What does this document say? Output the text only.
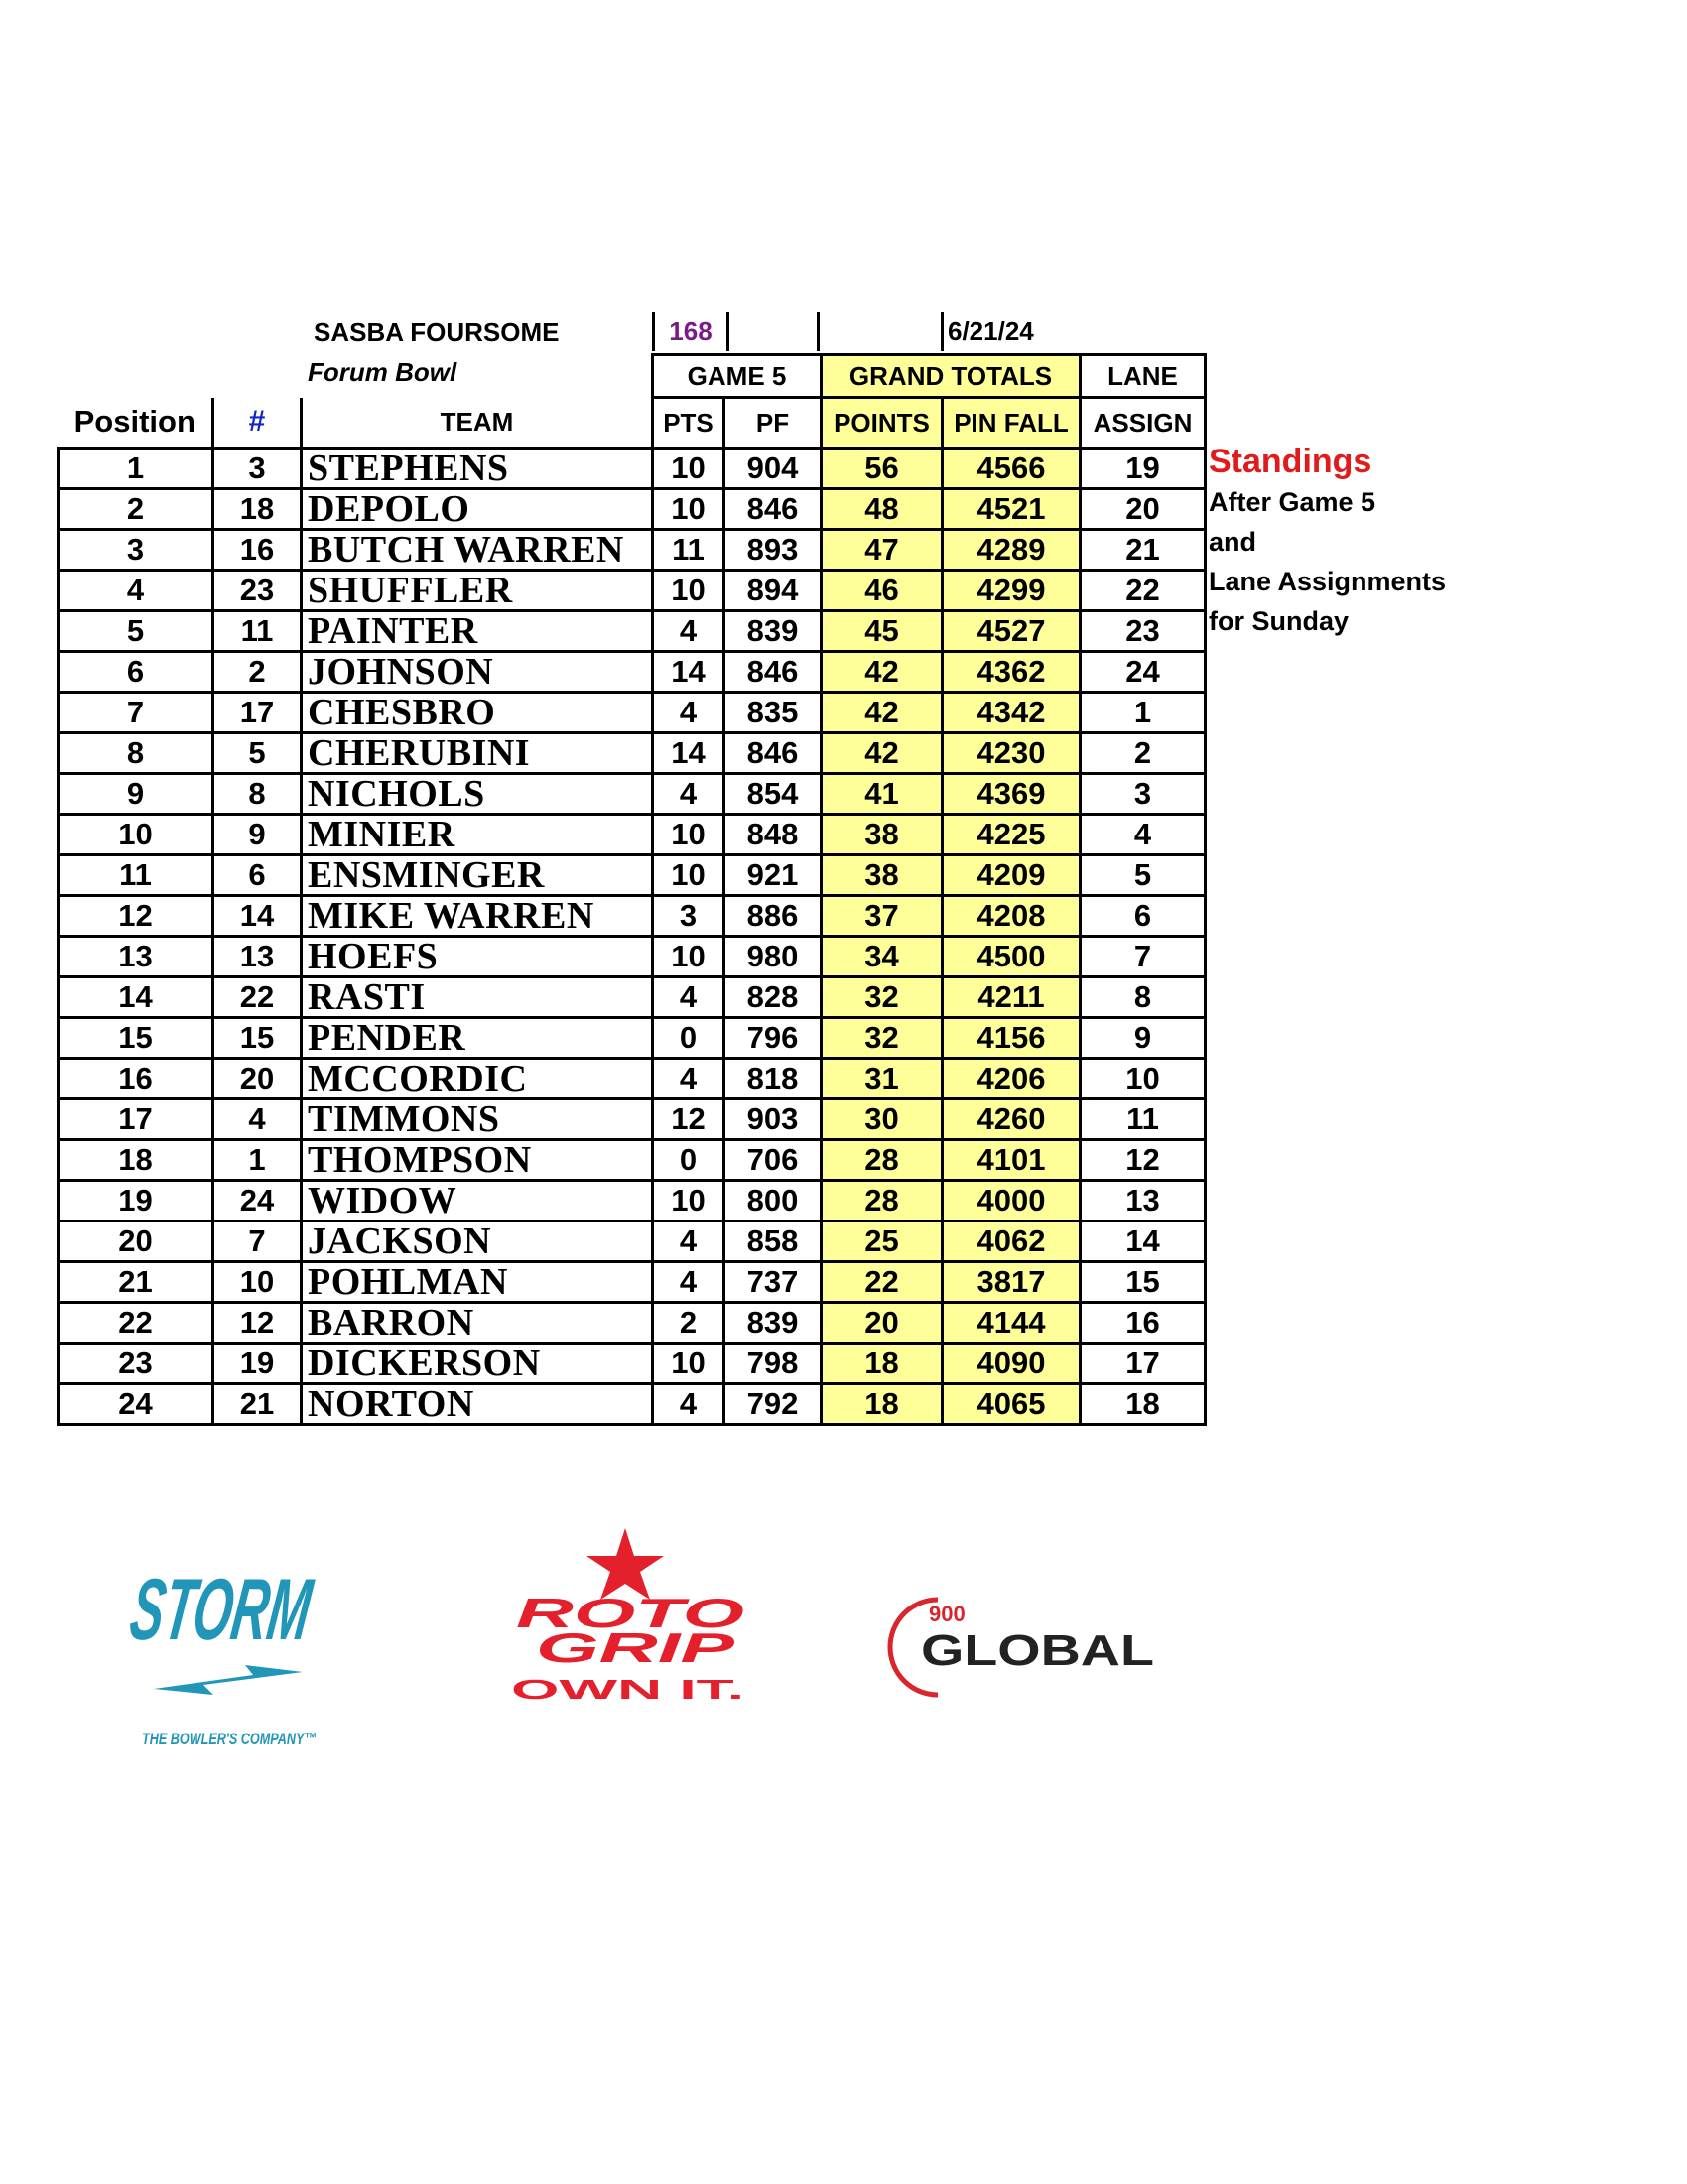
SASBA FOURSOME
Forum Bowl
168	6/21/24
			GAME 5		GRAND TOTALS		LANE
Position	#	TEAM	PTS	PF	POINTS	PIN FALL	ASSIGN
1	3	STEPHENS	10	904	56	4566	19
2	18	DEPOLO	10	846	48	4521	20
3	16	BUTCH WARREN	11	893	47	4289	21
4	23	SHUFFLER	10	894	46	4299	22
5	11	PAINTER	4	839	45	4527	23
6	2	JOHNSON	14	846	42	4362	24
7	17	CHESBRO	4	835	42	4342	1
8	5	CHERUBINI	14	846	42	4230	2
9	8	NICHOLS	4	854	41	4369	3
10	9	MINIER	10	848	38	4225	4
11	6	ENSMINGER	10	921	38	4209	5
12	14	MIKE WARREN	3	886	37	4208	6
13	13	HOEFS	10	980	34	4500	7
14	22	RASTI	4	828	32	4211	8
15	15	PENDER	0	796	32	4156	9
16	20	MCCORDIC	4	818	31	4206	10
17	4	TIMMONS	12	903	30	4260	11
18	1	THOMPSON	0	706	28	4101	12
19	24	WIDOW	10	800	28	4000	13
20	7	JACKSON	4	858	25	4062	14
21	10	POHLMAN	4	737	22	3817	15
22	12	BARRON	2	839	20	4144	16
23	19	DICKERSON	10	798	18	4090	17
24	21	NORTON	4	792	18	4065	18
Standings
After Game 5
and
Lane Assignments
for Sunday
STORM
THE BOWLER'S COMPANY™
ROTO
GRIP
OWN IT.
900
GLOBAL
